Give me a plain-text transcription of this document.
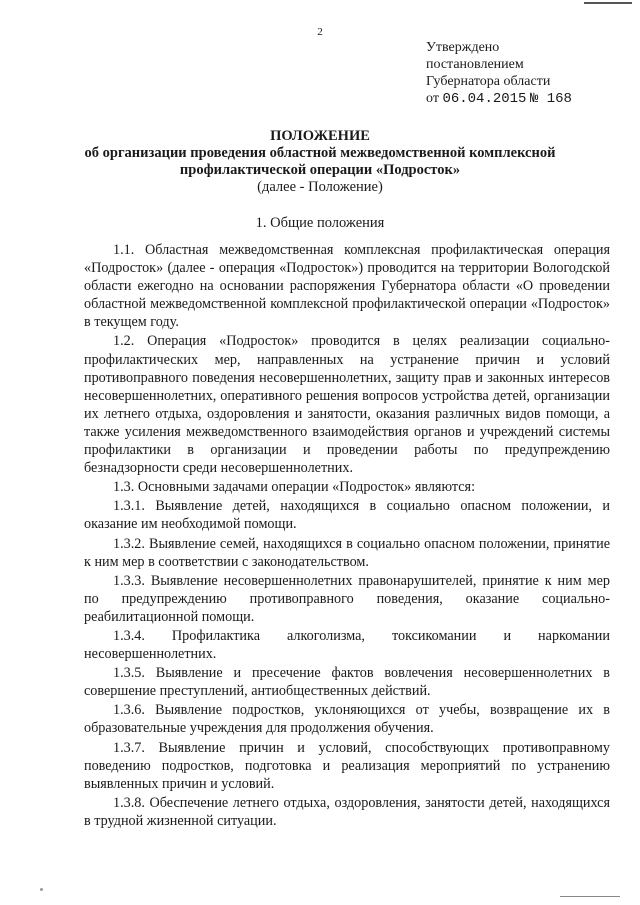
2
Утверждено
постановлением
Губернатора области
от 06.04.2015 № 168
ПОЛОЖЕНИЕ
об организации проведения областной межведомственной комплексной
профилактической операции «Подросток»
(далее - Положение)
1. Общие положения

1.1. Областная межведомственная комплексная профилактическая операция «Подросток» (далее - операция «Подросток») проводится на территории Вологодской области ежегодно на основании распоряжения Губернатора области «О проведении областной межведомственной комплексной профилактической операции «Подросток» в текущем году.

1.2. Операция «Подросток» проводится в целях реализации социально-профилактических мер, направленных на устранение причин и условий противоправного поведения несовершеннолетних, защиту прав и законных интересов несовершеннолетних, оперативного решения вопросов устройства детей, организации их летнего отдыха, оздоровления и занятости, оказания различных видов помощи, а также усиления межведомственного взаимодействия органов и учреждений системы профилактики в организации и проведении работы по предупреждению безнадзорности среди несовершеннолетних.

1.3. Основными задачами операции «Подросток» являются:

1.3.1. Выявление детей, находящихся в социально опасном положении, и оказание им необходимой помощи.

1.3.2. Выявление семей, находящихся в социально опасном положении, принятие к ним мер в соответствии с законодательством.

1.3.3. Выявление несовершеннолетних правонарушителей, принятие к ним мер по предупреждению противоправного поведения, оказание социально-реабилитационной помощи.

1.3.4. Профилактика алкоголизма, токсикомании и наркомании несовершеннолетних.

1.3.5. Выявление и пресечение фактов вовлечения несовершеннолетних в совершение преступлений, антиобщественных действий.

1.3.6. Выявление подростков, уклоняющихся от учебы, возвращение их в образовательные учреждения для продолжения обучения.

1.3.7. Выявление причин и условий, способствующих противоправному поведению подростков, подготовка и реализация мероприятий по устранению выявленных причин и условий.

1.3.8. Обеспечение летнего отдыха, оздоровления, занятости детей, находящихся в трудной жизненной ситуации.
